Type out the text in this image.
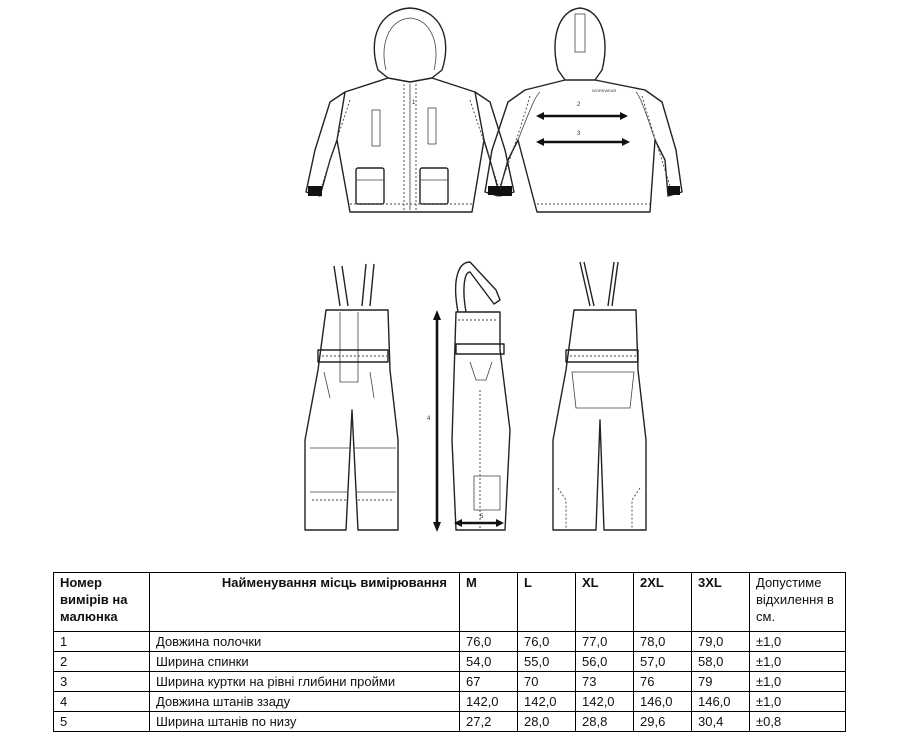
1
WORKWEAR
2
3
4
5
Номер вимірів на малюнка	Найменування місць вимірювання	M	L	XL	2XL	3XL	Допустиме відхилення в см.
1	Довжина полочки	76,0	76,0	77,0	78,0	79,0	±1,0
2	Ширина спинки	54,0	55,0	56,0	57,0	58,0	±1,0
3	Ширина куртки на рівні глибини пройми	67	70	73	76	79	±1,0
4	Довжина штанів ззаду	142,0	142,0	142,0	146,0	146,0	±1,0
5	Ширина штанів по низу	27,2	28,0	28,8	29,6	30,4	±0,8
